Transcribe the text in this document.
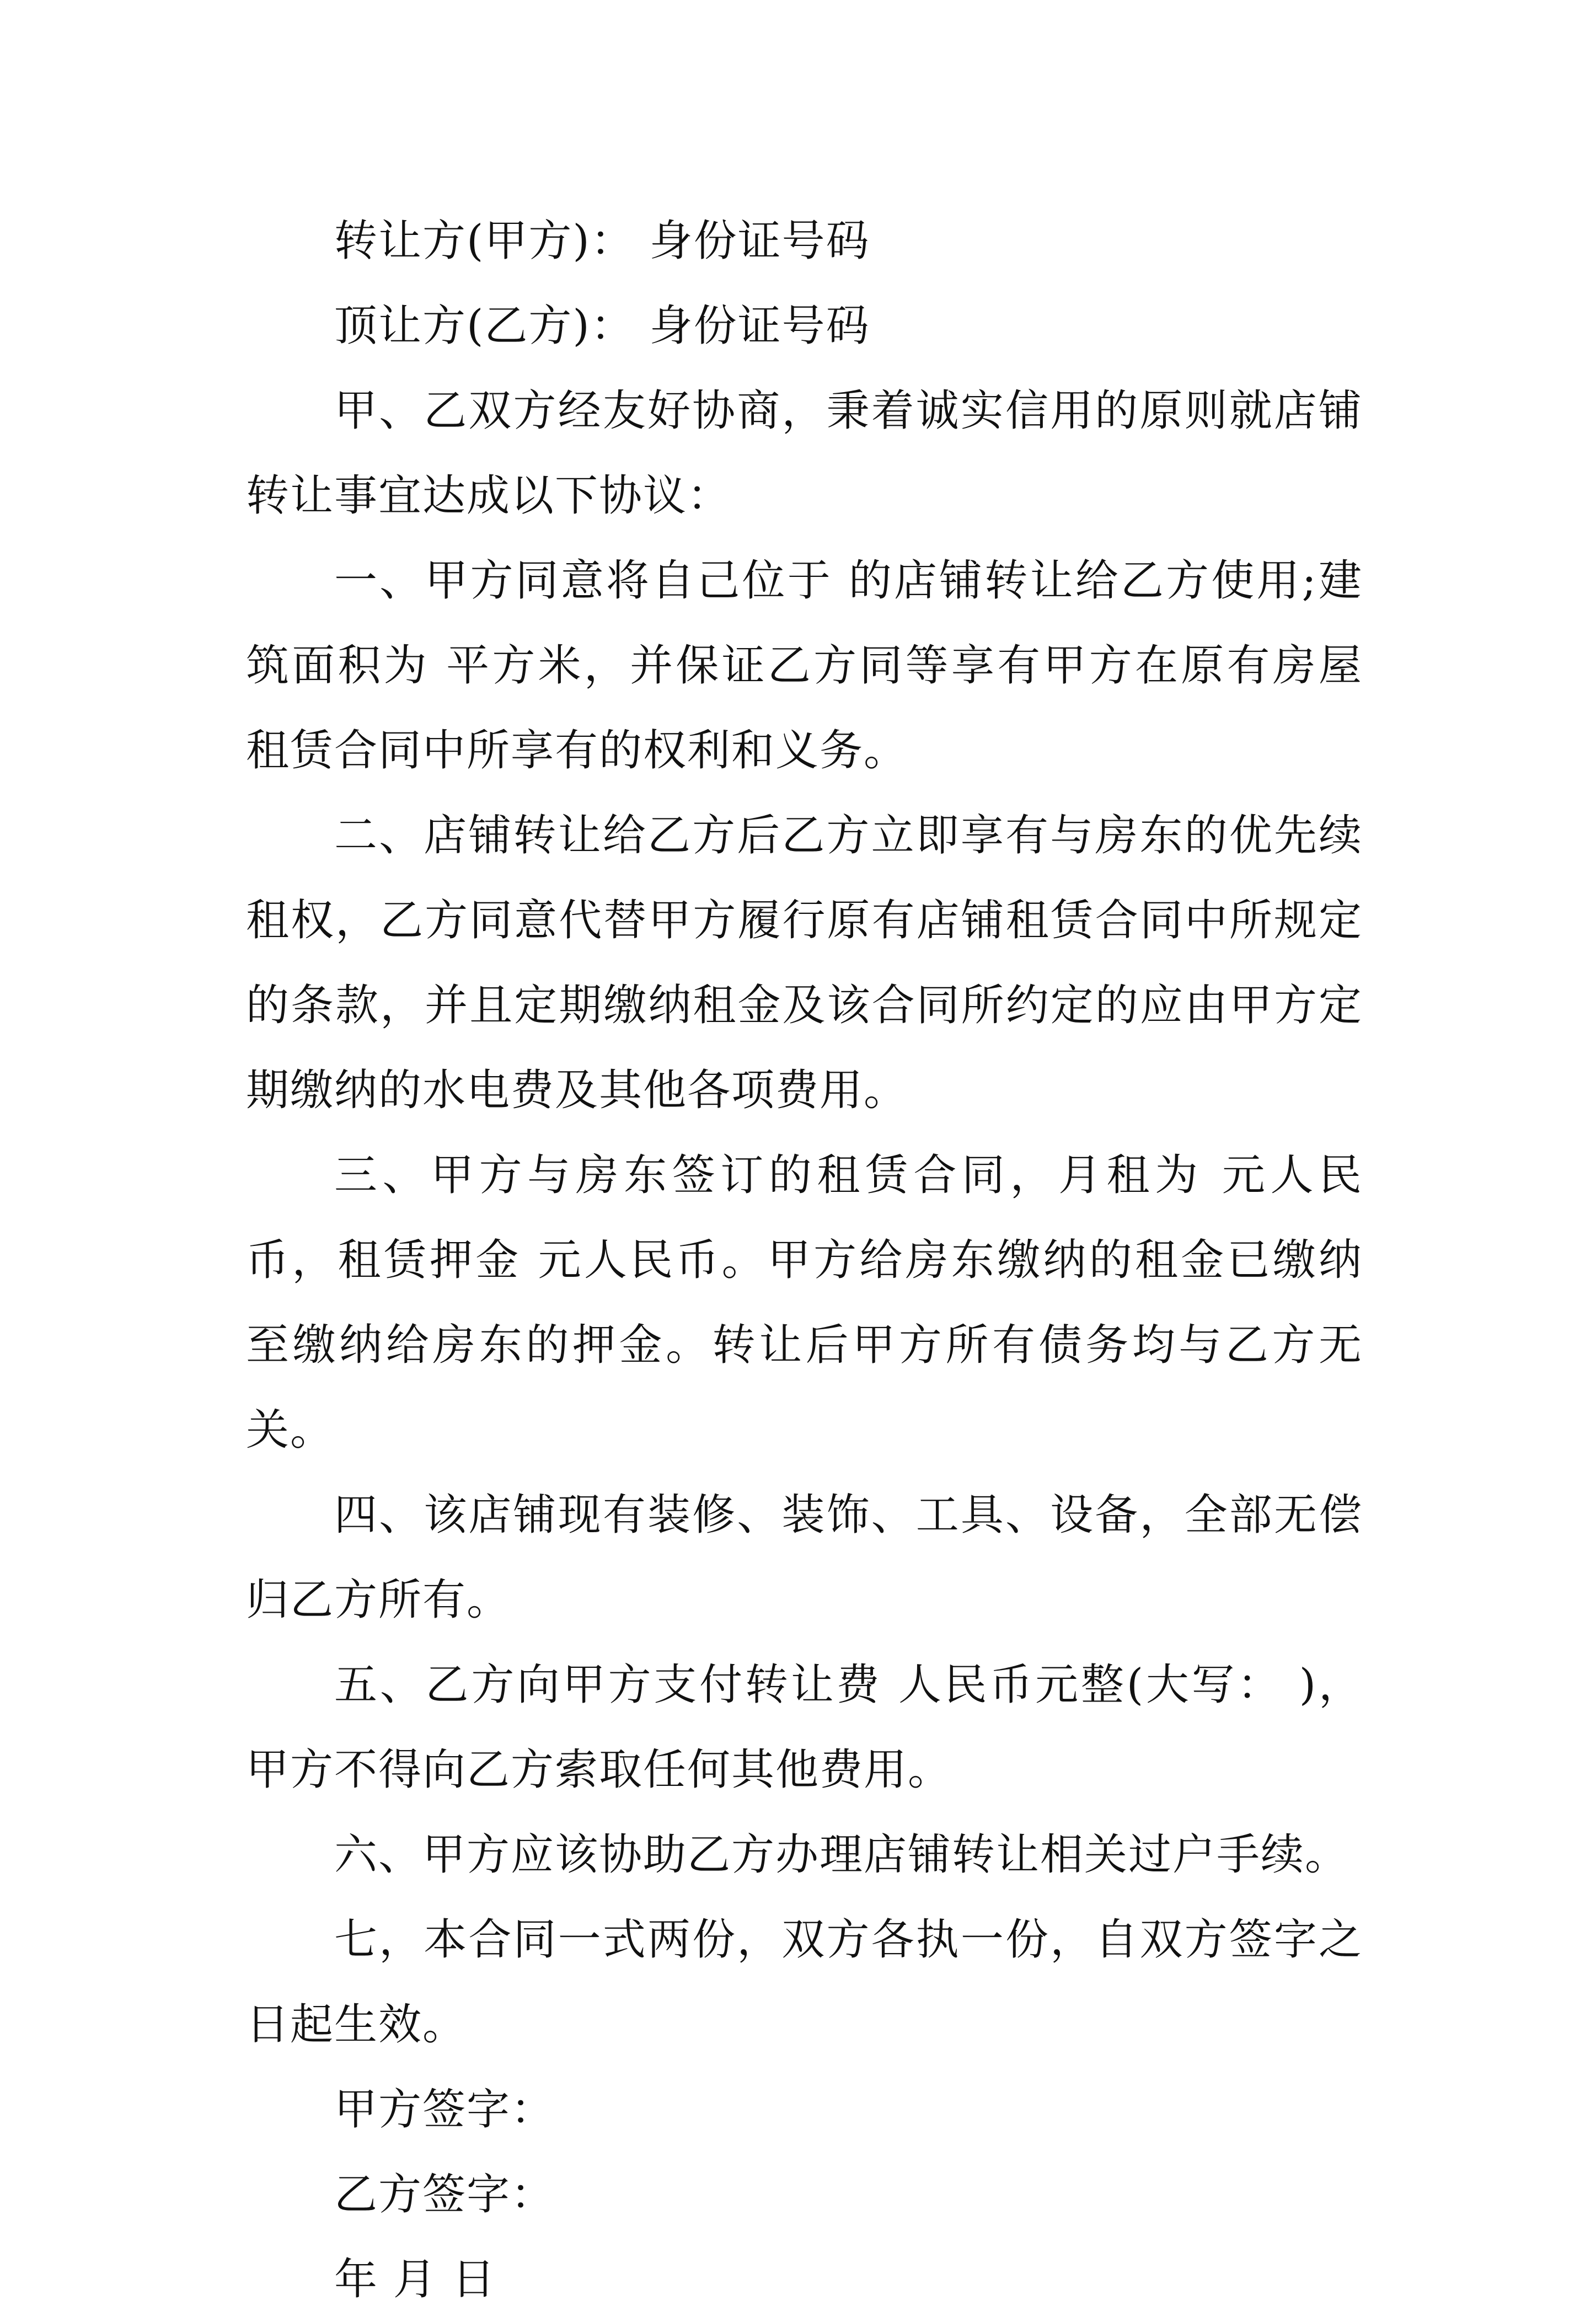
转让方(甲方)： 身份证号码

顶让方(乙方)： 身份证号码

甲、乙双方经友好协商，秉着诚实信用的原则就店铺转让事宜达成以下协议：

一、甲方同意将自己位于 的店铺转让给乙方使用;建筑面积为 平方米，并保证乙方同等享有甲方在原有房屋租赁合同中所享有的权利和义务。

二、店铺转让给乙方后乙方立即享有与房东的优先续租权，乙方同意代替甲方履行原有店铺租赁合同中所规定的条款，并且定期缴纳租金及该合同所约定的应由甲方定期缴纳的水电费及其他各项费用。

三、甲方与房东签订的租赁合同，月租为 元人民币，租赁押金 元人民币。甲方给房东缴纳的租金已缴纳至缴纳给房东的押金。转让后甲方所有债务均与乙方无关。

四、该店铺现有装修、装饰、工具、设备，全部无偿归乙方所有。

五、乙方向甲方支付转让费 人民币元整(大写： )，甲方不得向乙方索取任何其他费用。

六、甲方应该协助乙方办理店铺转让相关过户手续。

七，本合同一式两份，双方各执一份，自双方签字之日起生效。

甲方签字：

乙方签字：

年 月 日
